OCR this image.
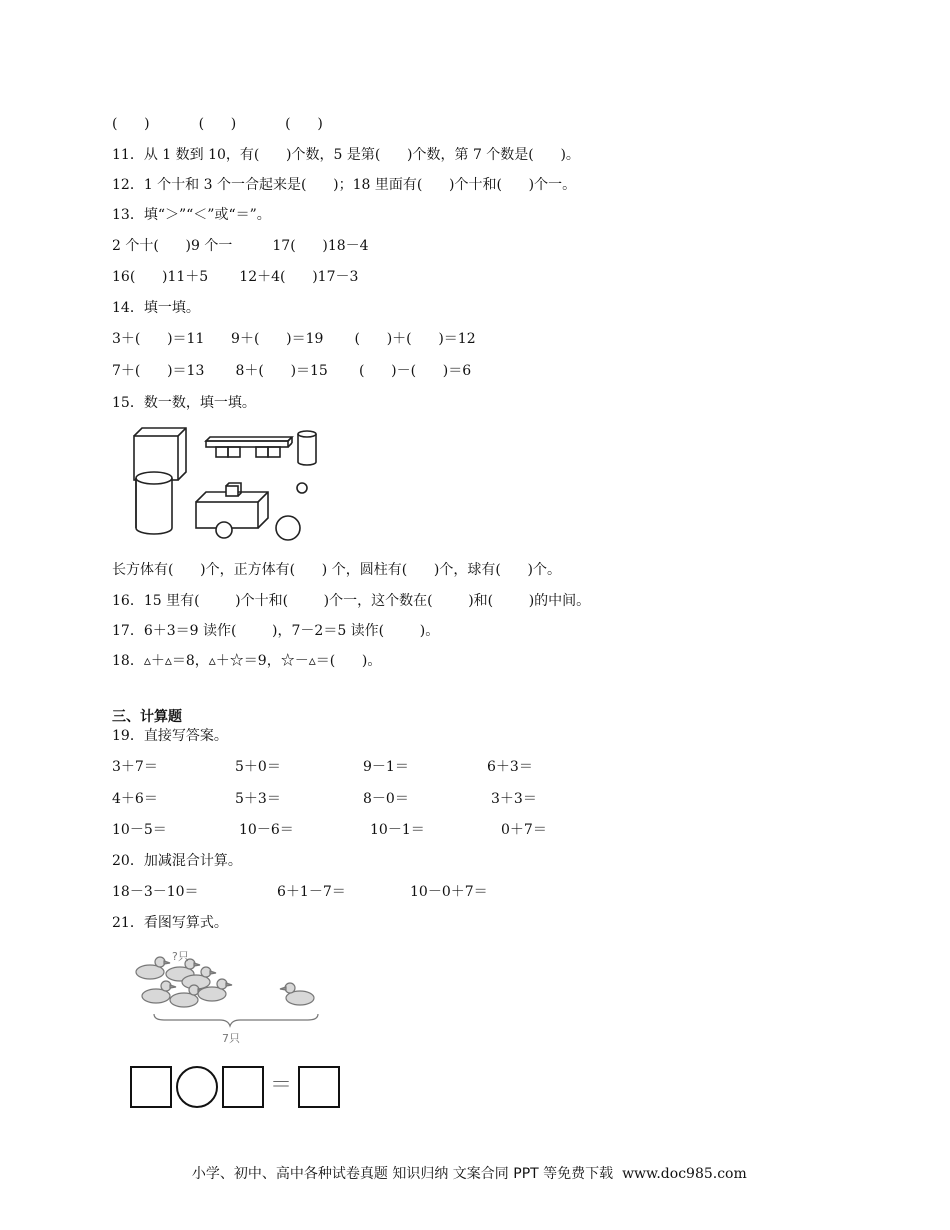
(      )           (      )           (      )
11．从 1 数到 10，有(      )个数，5 是第(      )个数，第 7 个数是(      )。
12．1 个十和 3 个一合起来是(      )；18 里面有(      )个十和(      )个一。
13．填“＞”“＜”或“＝”。
2 个十(      )9 个一         17(      )18－4
16(      )11＋5       12＋4(      )17－3
14．填一填。
3＋(      )＝11      9＋(      )＝19       (      )＋(      )＝12
7＋(      )＝13       8＋(      )＝15       (      )－(      )＝6
15．数一数，填一填。
长方体有(      )个，正方体有(      ) 个，圆柱有(      )个，球有(      )个。
16．15 里有(        )个十和(        )个一，这个数在(        )和(        )的中间。
17．6＋3＝9 读作(        )，7－2＝5 读作(        )。
18．▵＋▵＝8，▵＋☆＝9，☆－▵＝(      )。
三、计算题
19．直接写答案。
3＋7＝	5＋0＝	9－1＝	6＋3＝
4＋6＝	5＋3＝	8－0＝	3＋3＝
10－5＝	10－6＝	10－1＝	0＋7＝
20．加减混合计算。
18－3－10＝	6＋1－7＝	10－0＋7＝
21．看图写算式。
?只
7只
＝

小学、初中、高中各种试卷真题 知识归纳 文案合同 PPT 等免费下载 www.doc985.com
